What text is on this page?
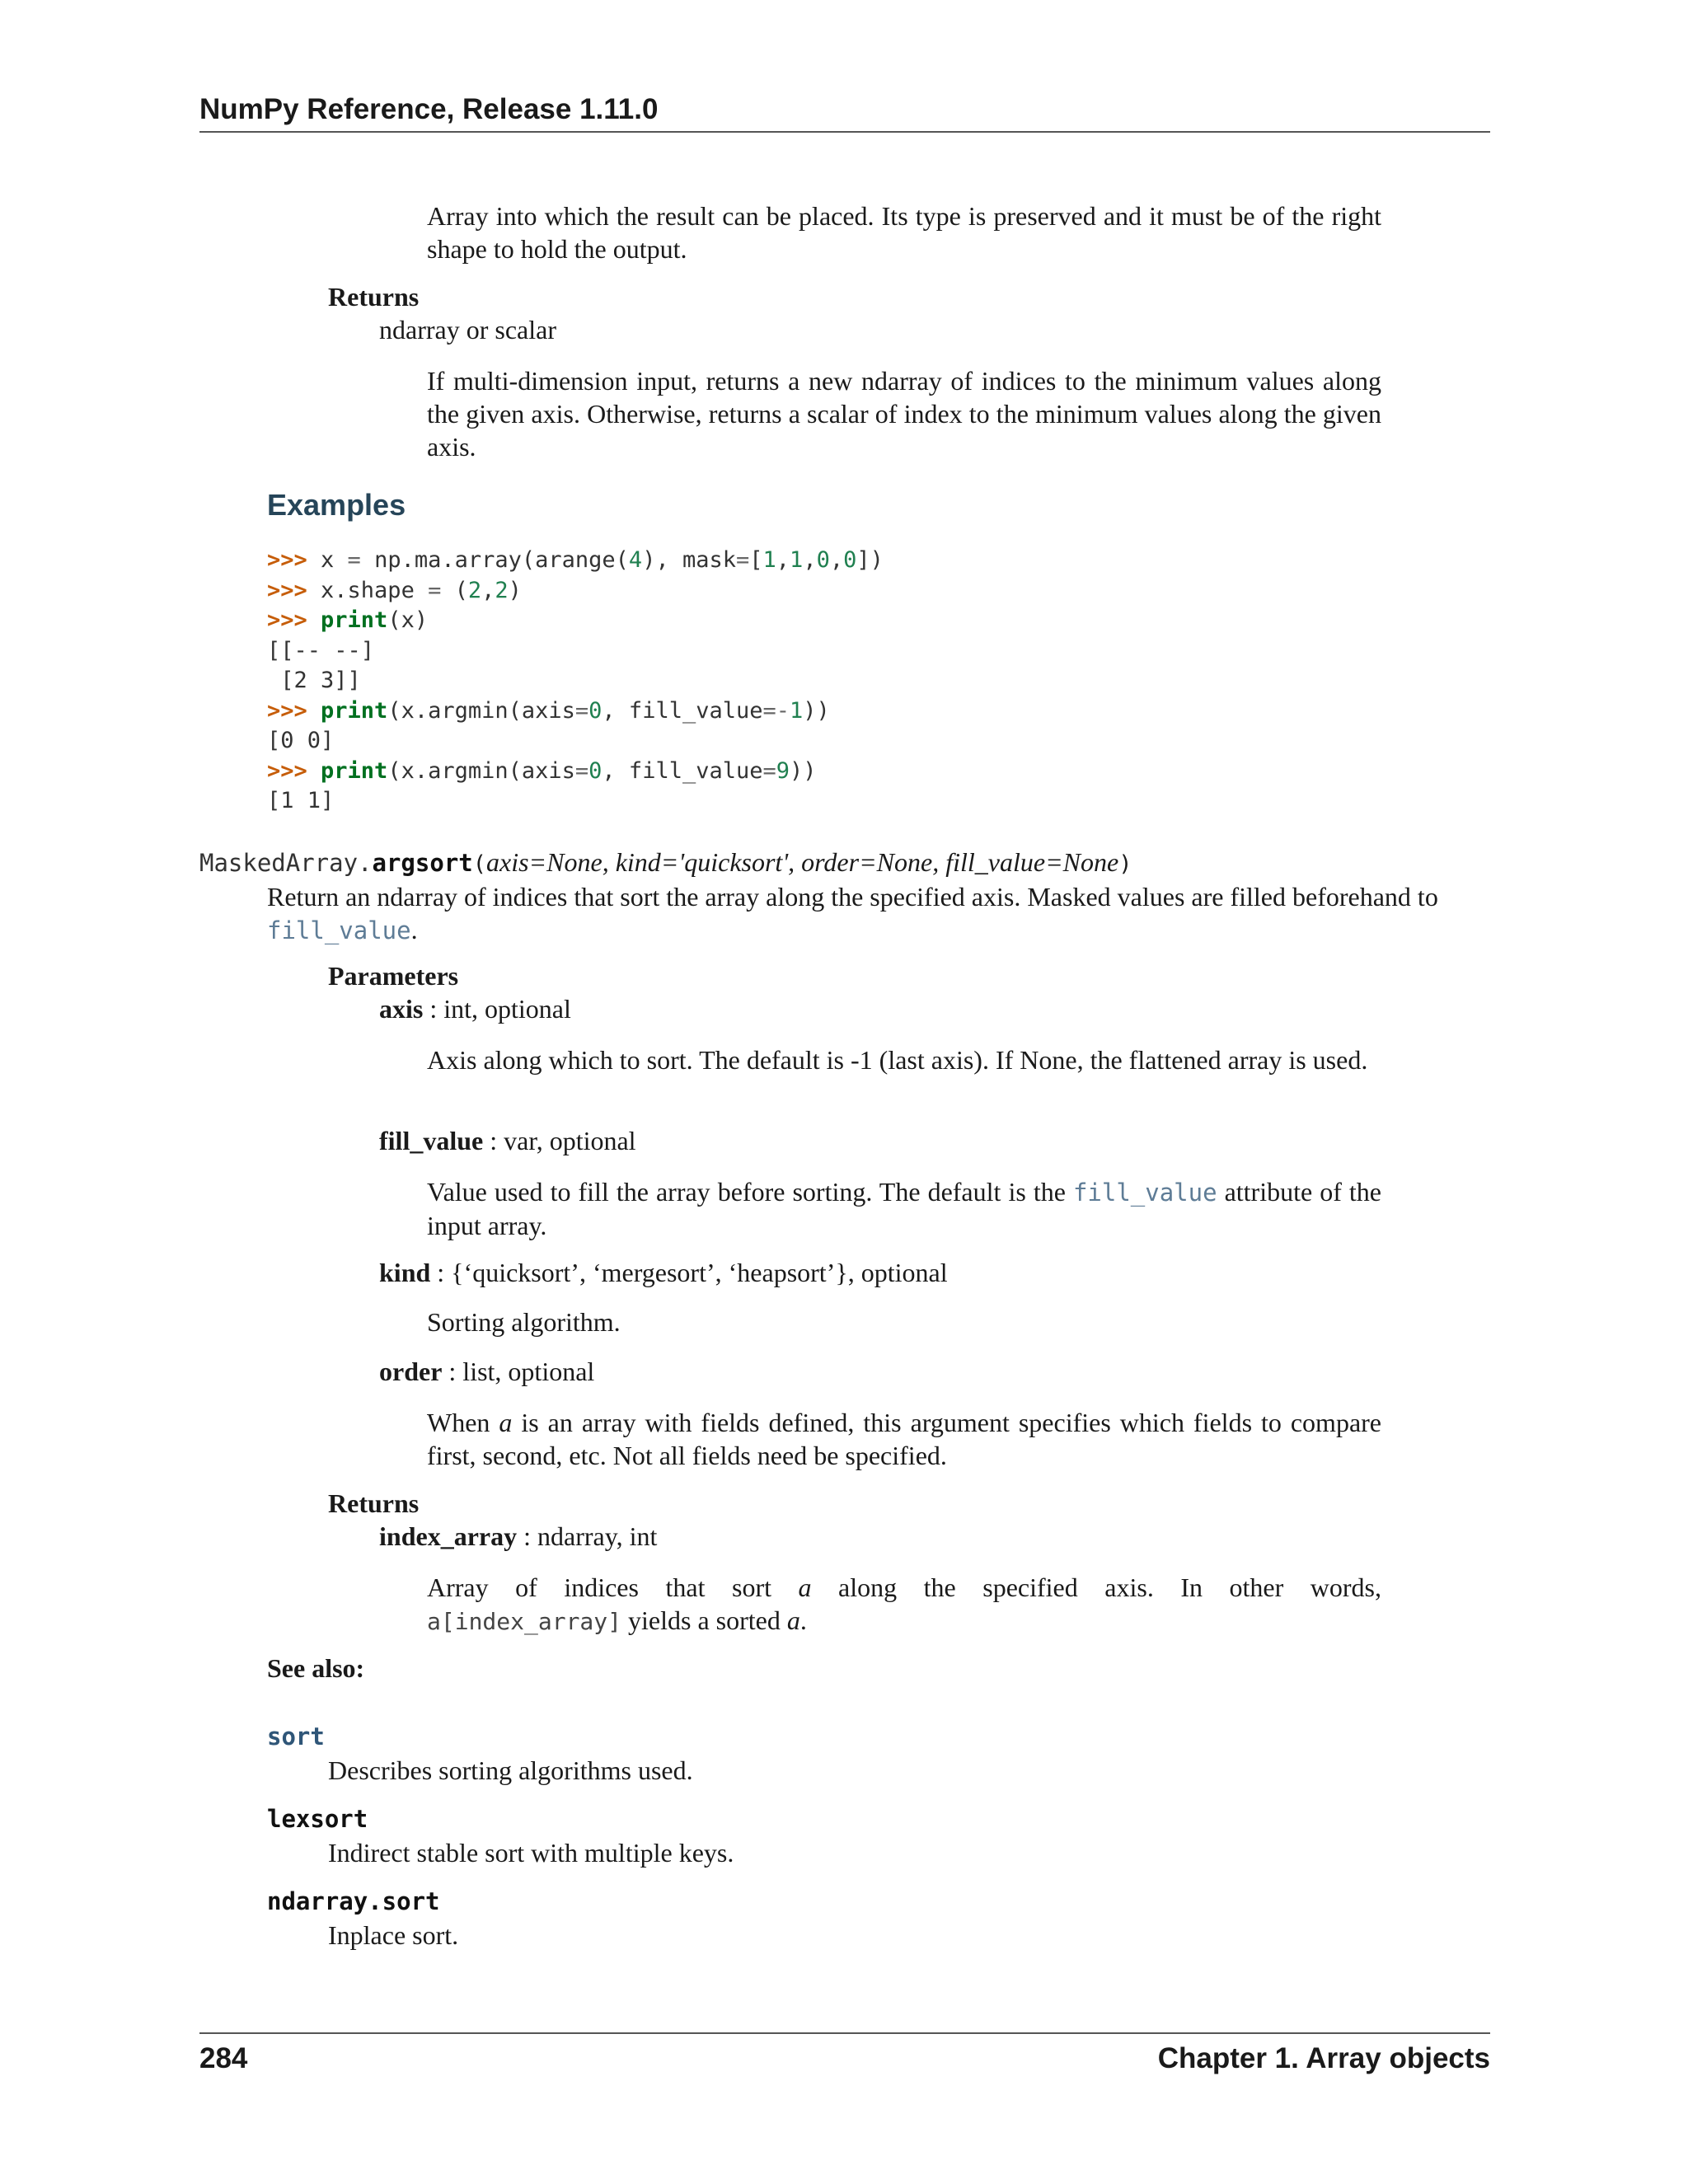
NumPy Reference, Release 1.11.0
Array into which the result can be placed. Its type is preserved and it must be of the right shape to hold the output.
Returns
ndarray or scalar
If multi-dimension input, returns a new ndarray of indices to the minimum values along the given axis. Otherwise, returns a scalar of index to the minimum values along the given axis.
Examples
>>> x = np.ma.array(arange(4), mask=[1,1,0,0])
>>> x.shape = (2,2)
>>> print(x)
[[-- --]
[2 3]]
>>> print(x.argmin(axis=0, fill_value=-1))
[0 0]
>>> print(x.argmin(axis=0, fill_value=9))
[1 1]
MaskedArray.argsort(axis=None, kind='quicksort', order=None, fill_value=None)
Return an ndarray of indices that sort the array along the specified axis. Masked values are filled beforehand to
fill_value.
Parameters
axis : int, optional
Axis along which to sort. The default is -1 (last axis). If None, the flattened array is used.
fill_value : var, optional
Value used to fill the array before sorting. The default is the fill_value attribute of the input array.
kind : {‘quicksort’, ‘mergesort’, ‘heapsort’}, optional
Sorting algorithm.
order : list, optional
When a is an array with fields defined, this argument specifies which fields to compare first, second, etc. Not all fields need be specified.
Returns
index_array : ndarray, int
Array of indices that sort a along the specified axis. In other words,
a[index_array] yields a sorted a.
See also:
sort
Describes sorting algorithms used.
lexsort
Indirect stable sort with multiple keys.
ndarray.sort
Inplace sort.
284	Chapter 1. Array objects
